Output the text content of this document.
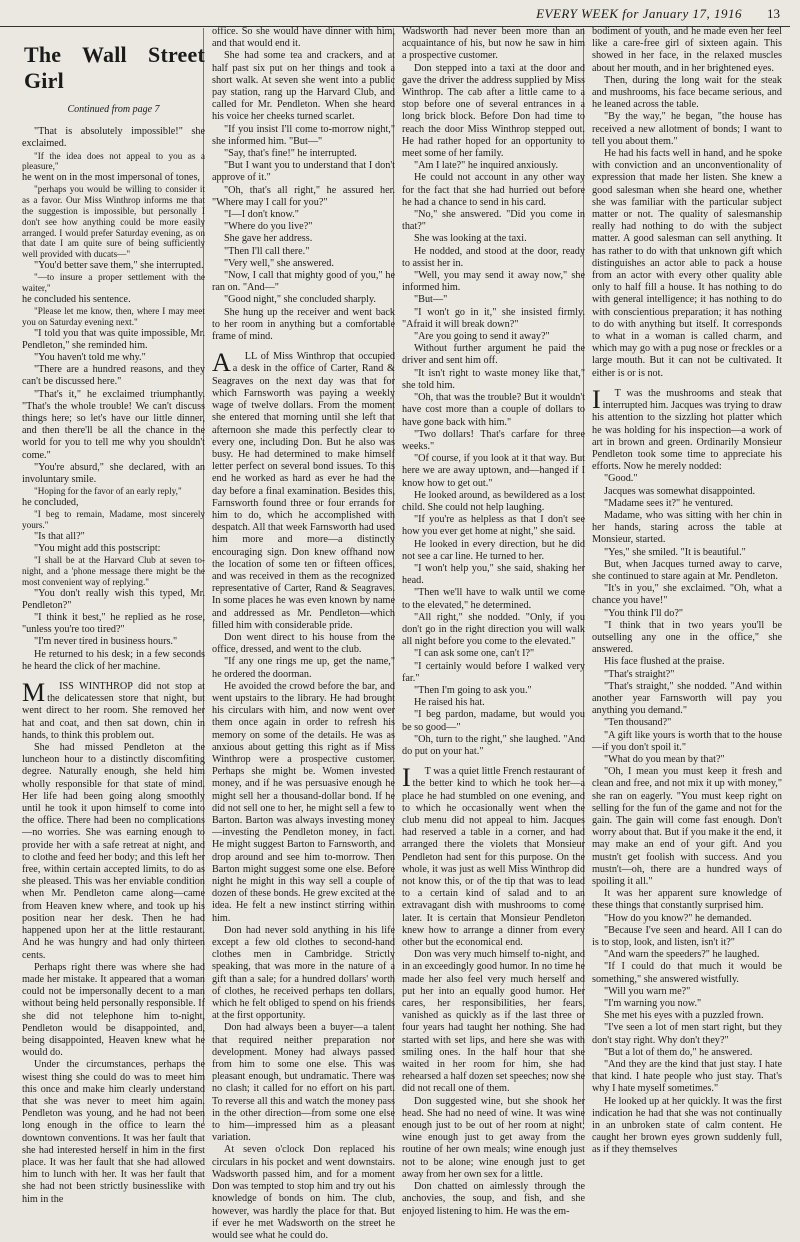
EVERY WEEK for January 17, 1916 13
The Wall Street Girl
Continued from page 7

"That is absolutely impossible!" she exclaimed.

"If the idea does not appeal to you as a pleasure,"

he went on in the most impersonal of tones,

"perhaps you would be willing to consider it as a favor. Our Miss Winthrop informs me that the suggestion is impossible, but personally I don't see how anything could be more easily arranged. I would prefer Saturday evening, as on that date I am quite sure of being sufficiently well provided with ducats—"

"You'd better save them," she interrupted.

"—to insure a proper settlement with the waiter,"

he concluded his sentence.

"Please let me know, then, where I may meet you on Saturday evening next."

"I told you that was quite impossible, Mr. Pendleton," she reminded him.

"You haven't told me why."

"There are a hundred reasons, and they can't be discussed here."

"That's it," he exclaimed triumphantly. "That's the whole trouble! We can't discuss things here; so let's have our little dinner, and then there'll be all the chance in the world for you to tell me why you shouldn't come."

"You're absurd," she declared, with an involuntary smile.

"Hoping for the favor of an early reply,"

he concluded,

"I beg to remain, Madame, most sincerely yours."

"Is that all?"

"You might add this postscript:

"I shall be at the Harvard Club at seven to-night, and a 'phone message there might be the most convenient way of replying."

"You don't really wish this typed, Mr. Pendleton?"

"I think it best," he replied as he rose, "unless you're too tired?"

"I'm never tired in business hours."

He returned to his desk; in a few seconds he heard the click of her machine.

MISS WINTHROP did not stop at the delicatessen store that night, but went direct to her room. She removed her hat and coat, and then sat down, chin in hands, to think this problem out.

She had missed Pendleton at the luncheon hour to a distinctly discomfiting degree. Naturally enough, she held him wholly responsible for that state of mind. Her life had been going along smoothly until he took it upon himself to come into the office. There had been no complications—no worries. She was earning enough to provide her with a safe retreat at night, and to clothe and feed her body; and this left her free, within certain accepted limits, to do as she pleased. This was her enviable condition when Mr. Pendleton came along—came from Heaven knew where, and took up his position near her desk. Then he had happened upon her at the little restaurant. And he was hungry and had only thirteen cents.

Perhaps right there was where she had made her mistake. It appeared that a woman could not be impersonally decent to a man without being held personally responsible. If she did not telephone him to-night, Pendleton would be disappointed, and, being disappointed, Heaven knew what he would do.

Under the circumstances, perhaps the wisest thing she could do was to meet him this once and make him clearly understand that she was never to meet him again. Pendleton was young, and he had not been long enough in the office to learn the downtown conventions. It was her fault that she had interested herself in him in the first place. It was her fault that she had allowed him to lunch with her. It was her fault that she had not been strictly businesslike with him in the

office. So she would have dinner with him, and that would end it.

She had some tea and crackers, and at half past six put on her things and took a short walk. At seven she went into a public pay station, rang up the Harvard Club, and called for Mr. Pendleton. When she heard his voice her cheeks turned scarlet.

"If you insist I'll come to-morrow night," she informed him. "But—"

"Say, that's fine!" he interrupted.

"But I want you to understand that I don't approve of it."

"Oh, that's all right," he assured her. "Where may I call for you?"

"I—I don't know."

"Where do you live?"

She gave her address.

"Then I'll call there."

"Very well," she answered.

"Now, I call that mighty good of you," he ran on. "And—"

"Good night," she concluded sharply.

She hung up the receiver and went back to her room in anything but a comfortable frame of mind.

ALL of Miss Winthrop that occupied a desk in the office of Carter, Rand & Seagraves on the next day was that for which Farnsworth was paying a weekly wage of twelve dollars. From the moment she entered that morning until she left that afternoon she made this perfectly clear to every one, including Don. But he also was busy. He had determined to make himself letter perfect on several bond issues. To this end he worked as hard as ever he had the day before a final examination. Besides this, Farnsworth found three or four errands for him to do, which he accomplished with despatch. All that week Farnsworth had used him more and more—a distinctly encouraging sign. Don knew offhand now the location of some ten or fifteen offices, and was received in them as the recognized representative of Carter, Rand & Seagraves. In some places he was even known by name and addressed as Mr. Pendleton—which filled him with considerable pride.

Don went direct to his house from the office, dressed, and went to the club.

"If any one rings me up, get the name," he ordered the doorman.

He avoided the crowd before the bar, and went upstairs to the library. He had brought his circulars with him, and now went over them once again in order to refresh his memory on some of the details. He was as anxious about getting this right as if Miss Winthrop were a prospective customer. Perhaps she might be. Women invested money, and if he was persuasive enough he might sell her a thousand-dollar bond. If he did not sell one to her, he might sell a few to Barton. Barton was always investing money—investing the Pendleton money, in fact. He might suggest Barton to Farnsworth, and drop around and see him to-morrow. Then Barton might suggest some one else. Before night he might in this way sell a couple of dozen of these bonds. He grew excited at the idea. He felt a new instinct stirring within him.

Don had never sold anything in his life except a few old clothes to second-hand clothes men in Cambridge. Strictly speaking, that was more in the nature of a gift than a sale; for a hundred dollars' worth of clothes, he received perhaps ten dollars, which he felt obliged to spend on his friends at the first opportunity.

Don had always been a buyer—a talent that required neither preparation nor development. Money had always passed from him to some one else. This was pleasant enough, but undramatic. There was no clash; it called for no effort on his part. To reverse all this and watch the money pass in the other direction—from some one else to him—impressed him as a pleasant variation.

At seven o'clock Don replaced his circulars in his pocket and went downstairs. Wadsworth passed him, and for a moment Don was tempted to stop him and try out his knowledge of bonds on him. The club, however, was hardly the place for that. But if ever he met Wadsworth on the street he would see what he could do.

Wadsworth had never been more than an acquaintance of his, but now he saw in him a prospective customer.

Don stepped into a taxi at the door and gave the driver the address supplied by Miss Winthrop. The cab after a little came to a stop before one of several entrances in a long brick block. Before Don had time to reach the door Miss Winthrop stepped out. He had rather hoped for an opportunity to meet some of her family.

"Am I late?" he inquired anxiously.

He could not account in any other way for the fact that she had hurried out before he had a chance to send in his card.

"No," she answered. "Did you come in that?"

She was looking at the taxi.

He nodded, and stood at the door, ready to assist her in.

"Well, you may send it away now," she informed him.

"But—"

"I won't go in it," she insisted firmly. "Afraid it will break down?"

"Are you going to send it away?"

Without further argument he paid the driver and sent him off.

"It isn't right to waste money like that," she told him.

"Oh, that was the trouble? But it wouldn't have cost more than a couple of dollars to have gone back with him."

"Two dollars! That's carfare for three weeks."

"Of course, if you look at it that way. But here we are away uptown, and—hanged if I know how to get out."

He looked around, as bewildered as a lost child. She could not help laughing.

"If you're as helpless as that I don't see how you ever get home at night," she said.

He looked in every direction, but he did not see a car line. He turned to her.

"I won't help you," she said, shaking her head.

"Then we'll have to walk until we come to the elevated," he determined.

"All right," she nodded. "Only, if you don't go in the right direction you will walk all night before you come to the elevated."

"I can ask some one, can't I?"

"I certainly would before I walked very far."

"Then I'm going to ask you."

He raised his hat.

"I beg pardon, madame, but would you be so good—"

"Oh, turn to the right," she laughed. "And do put on your hat."

IT was a quiet little French restaurant of the better kind to which he took her—a place he had stumbled on one evening, and to which he occasionally went when the club menu did not appeal to him. Jacques had reserved a table in a corner, and had arranged there the violets that Monsieur Pendleton had sent for this purpose. On the whole, it was just as well Miss Winthrop did not know this, or of the tip that was to lead to a certain kind of salad and to an extravagant dish with mushrooms to come later. It is certain that Monsieur Pendleton knew how to arrange a dinner from every other but the economical end.

Don was very much himself to-night, and in an exceedingly good humor. In no time he made her also feel very much herself and put her into an equally good humor. Her cares, her responsibilities, her fears, vanished as quickly as if the last three or four years had taught her nothing. She had started with set lips, and here she was with smiling ones. In the half hour that she waited in her room for him, she had rehearsed a half dozen set speeches; now she did not recall one of them.

Don suggested wine, but she shook her head. She had no need of wine. It was wine enough just to be out of her room at night; wine enough just to get away from the routine of her own meals; wine enough just not to be alone; wine enough just to get away from her own sex for a little.

Don chatted on aimlessly through the anchovies, the soup, and fish, and she enjoyed listening to him. He was the em-

bodiment of youth, and he made even her feel like a care-free girl of sixteen again. This showed in her face, in the relaxed muscles about her mouth, and in her brightened eyes.

Then, during the long wait for the steak and mushrooms, his face became serious, and he leaned across the table.

"By the way," he began, "the house has received a new allotment of bonds; I want to tell you about them."

He had his facts well in hand, and he spoke with conviction and an unconventionality of expression that made her listen. She knew a good salesman when she heard one, whether she was familiar with the particular subject matter or not. The quality of salesmanship really had nothing to do with the subject matter. A good salesman can sell anything. It has rather to do with that unknown gift which distinguishes an actor able to pack a house from an actor with every other quality able only to half fill a house. It has nothing to do with general intelligence; it has nothing to do with conscientious preparation; it has nothing to do with anything but itself. It corresponds to what in a woman is called charm, and which may go with a pug nose or freckles or a large mouth. But it can not be cultivated. It either is or is not.

IT was the mushrooms and steak that interrupted him. Jacques was trying to draw his attention to the sizzling hot platter which he was holding for his inspection—a work of art in brown and green. Ordinarily Monsieur Pendleton took some time to appreciate his efforts. Now he merely nodded:

"Good."

Jacques was somewhat disappointed.

"Madame sees it?" he ventured.

Madame, who was sitting with her chin in her hands, staring across the table at Monsieur, started.

"Yes," she smiled. "It is beautiful."

But, when Jacques turned away to carve, she continued to stare again at Mr. Pendleton.

"It's in you," she exclaimed. "Oh, what a chance you have!"

"You think I'll do?"

"I think that in two years you'll be outselling any one in the office," she answered.

His face flushed at the praise.

"That's straight?"

"That's straight," she nodded. "And within another year Farnsworth will pay you anything you demand."

"Ten thousand?"

"A gift like yours is worth that to the house—if you don't spoil it."

"What do you mean by that?"

"Oh, I mean you must keep it fresh and clean and free, and not mix it up with money," she ran on eagerly. "You must keep right on selling for the fun of the game and not for the gain. The gain will come fast enough. Don't worry about that. But if you make it the end, it may make an end of your gift. And you mustn't get foolish with success. And you mustn't—oh, there are a hundred ways of spoiling it all."

It was her apparent sure knowledge of these things that constantly surprised him.

"How do you know?" he demanded.

"Because I've seen and heard. All I can do is to stop, look, and listen, isn't it?"

"And warn the speeders?" he laughed.

"If I could do that much it would be something," she answered wistfully.

"Will you warn me?"

"I'm warning you now."

She met his eyes with a puzzled frown.

"I've seen a lot of men start right, but they don't stay right. Why don't they?"

"But a lot of them do," he answered.

"And they are the kind that just stay. I hate that kind. I hate people who just stay. That's why I hate myself sometimes."

He looked up at her quickly. It was the first indication he had that she was not continually in an unbroken state of calm content. He caught her brown eyes grown suddenly full, as if they themselves
